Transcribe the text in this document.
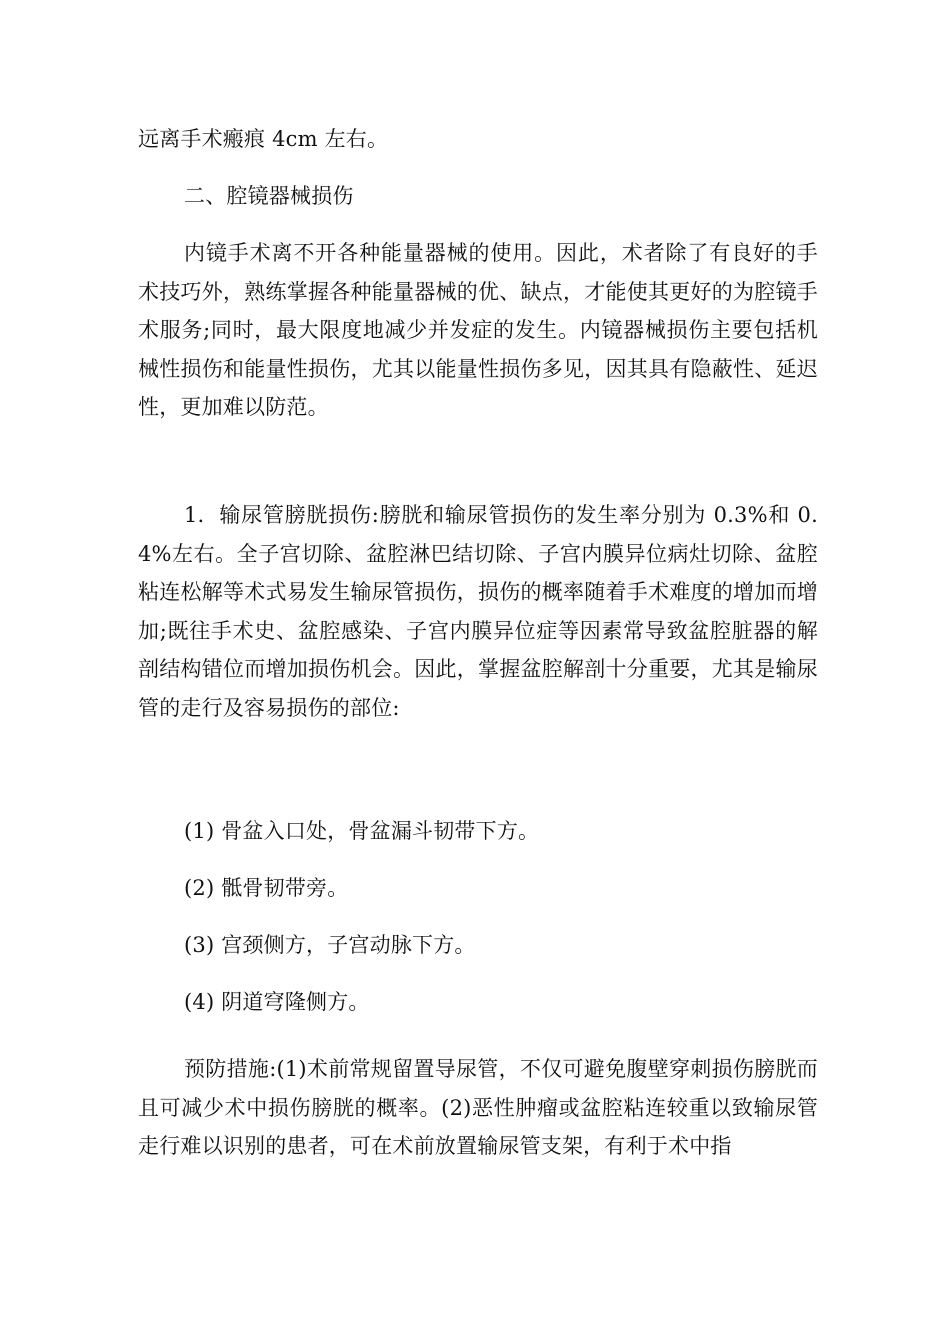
远离手术瘢痕 4cm 左右。

二、腔镜器械损伤

内镜手术离不开各种能量器械的使用。因此，术者除了有良好的手术技巧外，熟练掌握各种能量器械的优、缺点，才能使其更好的为腔镜手术服务;同时，最大限度地减少并发症的发生。内镜器械损伤主要包括机械性损伤和能量性损伤，尤其以能量性损伤多见，因其具有隐蔽性、延迟性，更加难以防范。

1.  输尿管膀胱损伤:膀胱和输尿管损伤的发生率分别为 0.3%和 0.4%左右。全子宫切除、盆腔淋巴结切除、子宫内膜异位病灶切除、盆腔粘连松解等术式易发生输尿管损伤，损伤的概率随着手术难度的增加而增加;既往手术史、盆腔感染、子宫内膜异位症等因素常导致盆腔脏器的解剖结构错位而增加损伤机会。因此，掌握盆腔解剖十分重要，尤其是输尿管的走行及容易损伤的部位:

(1) 骨盆入口处，骨盆漏斗韧带下方。

(2) 骶骨韧带旁。

(3) 宫颈侧方，子宫动脉下方。

(4) 阴道穹隆侧方。

预防措施:(1)术前常规留置导尿管，不仅可避免腹壁穿刺损伤膀胱而且可减少术中损伤膀胱的概率。(2)恶性肿瘤或盆腔粘连较重以致输尿管走行难以识别的患者，可在术前放置输尿管支架，有利于术中指
